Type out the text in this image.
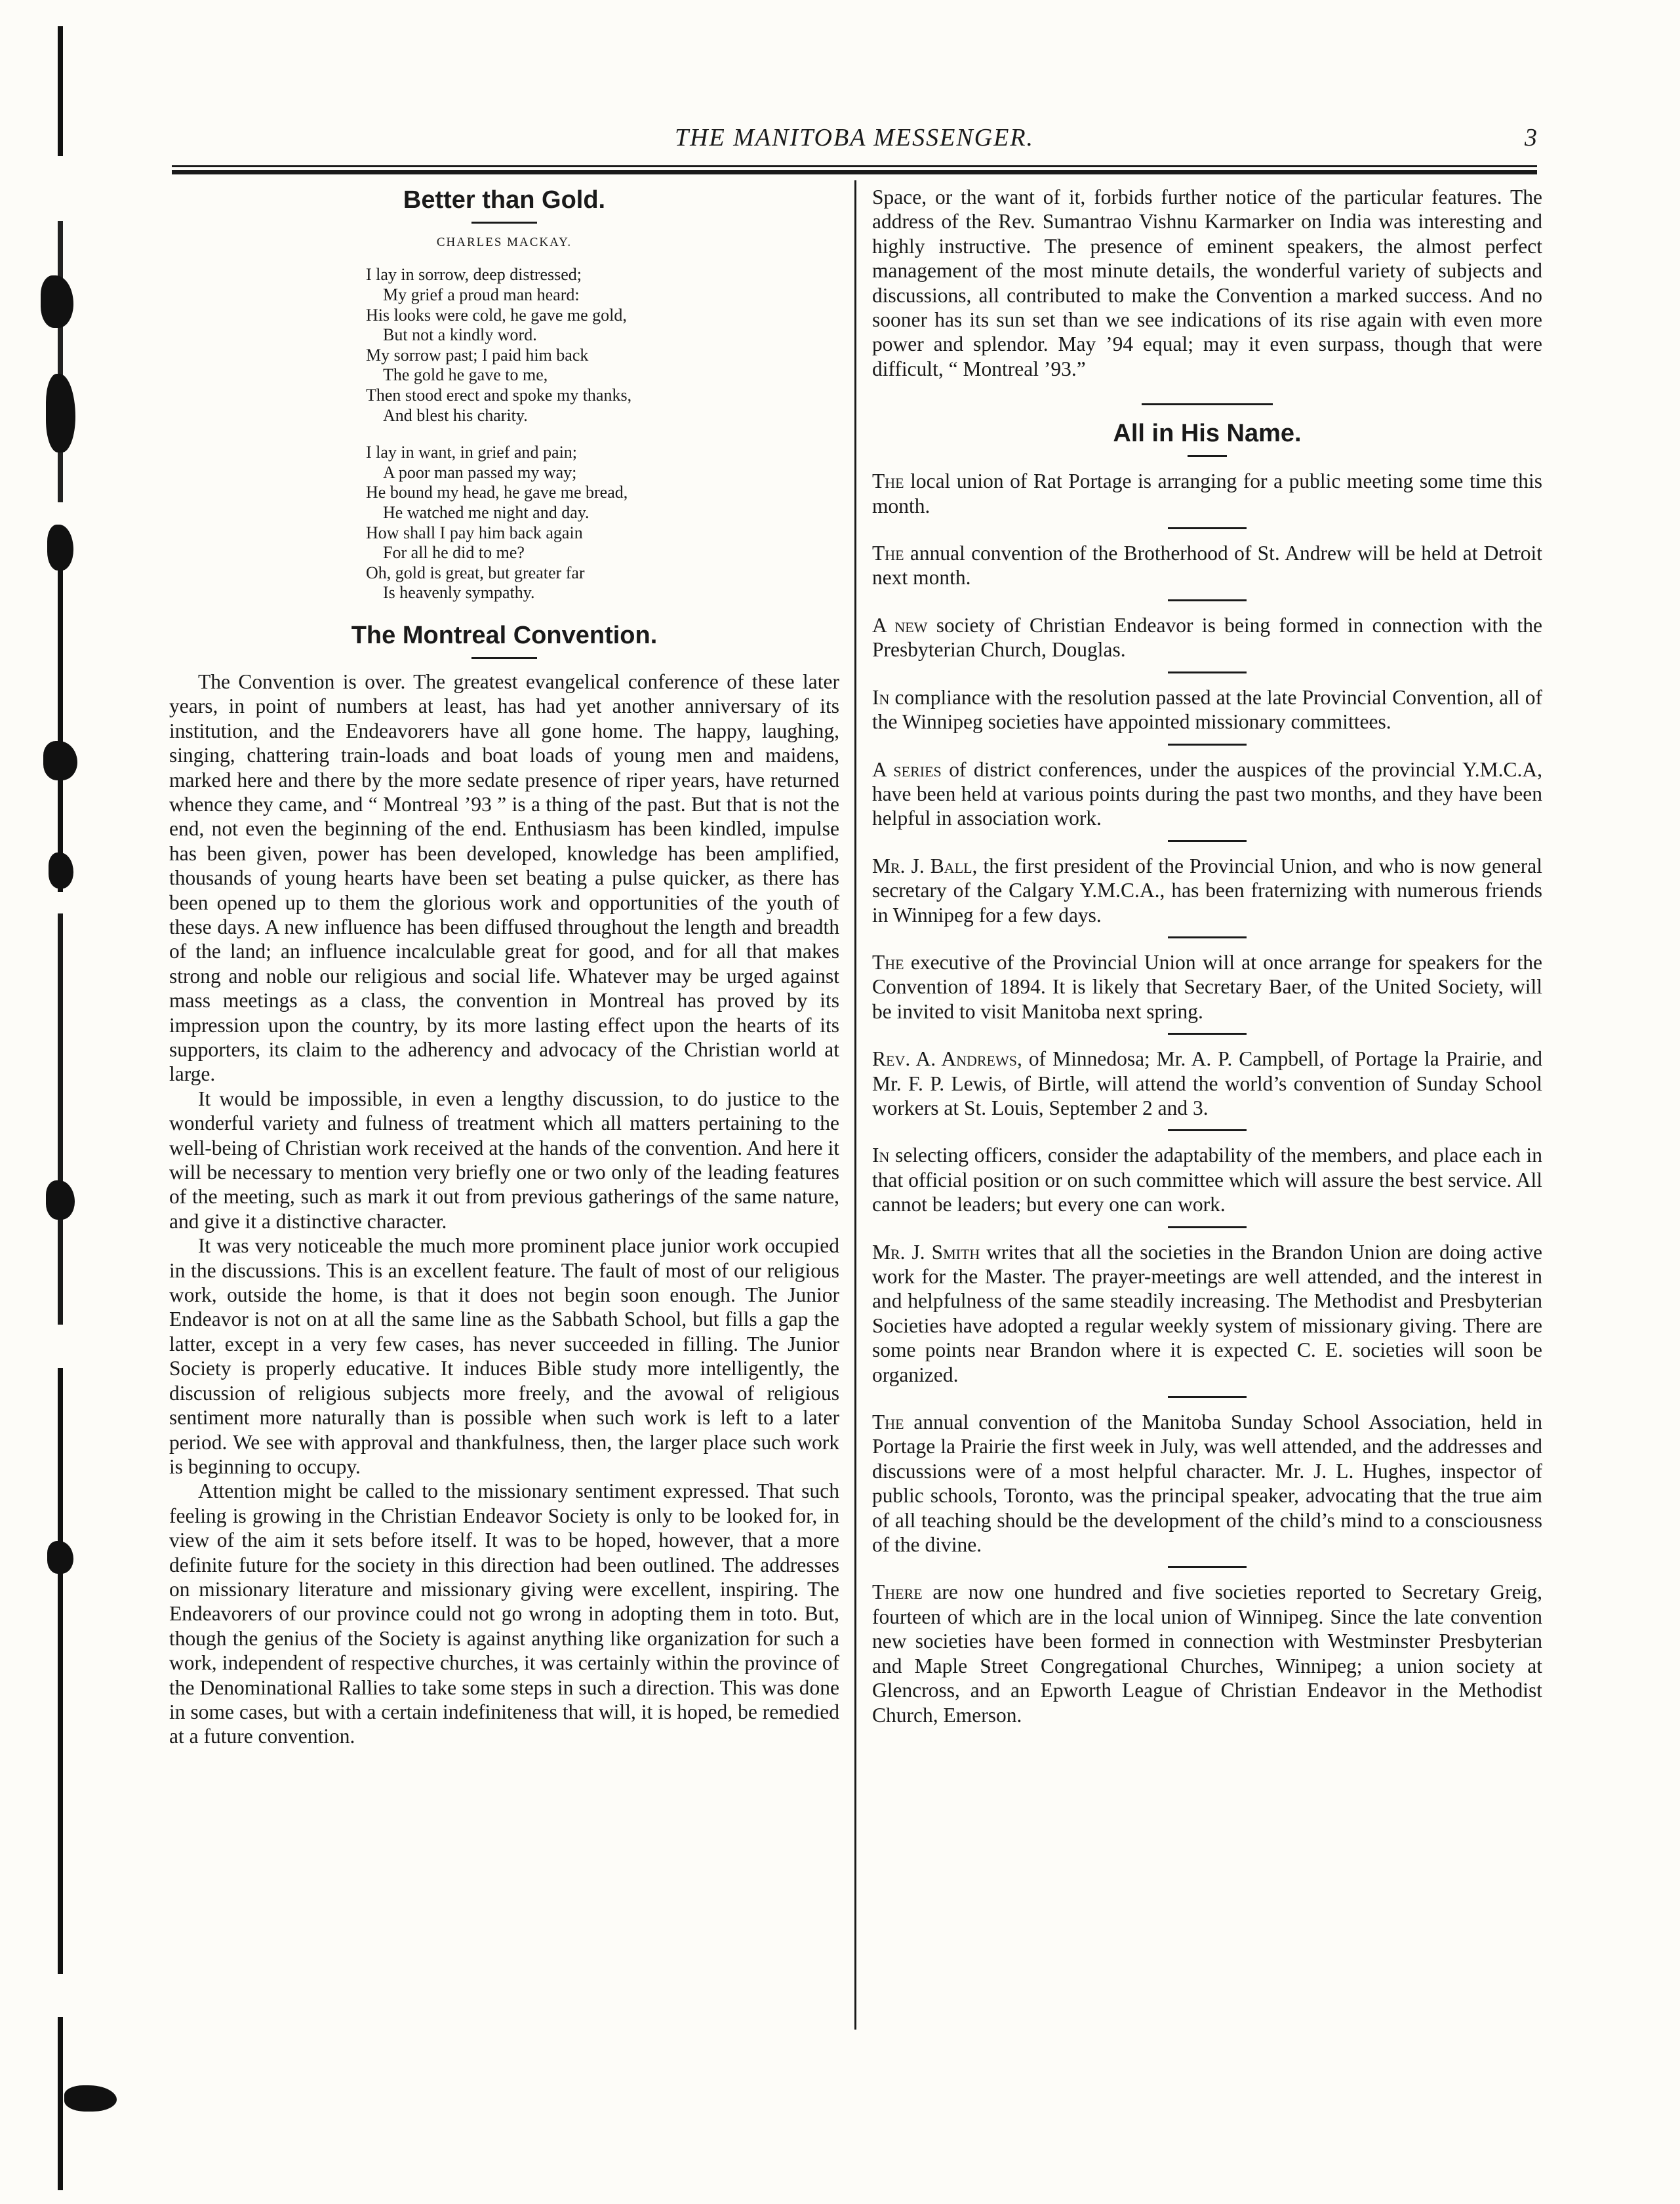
THE MANITOBA MESSENGER.	3
Better than Gold.
CHARLES MACKAY.
I lay in sorrow, deep distressed;
My grief a proud man heard:
His looks were cold, he gave me gold,
But not a kindly word.
My sorrow past; I paid him back
The gold he gave to me,
Then stood erect and spoke my thanks,
And blest his charity.
I lay in want, in grief and pain;
A poor man passed my way;
He bound my head, he gave me bread,
He watched me night and day.
How shall I pay him back again
For all he did to me?
Oh, gold is great, but greater far
Is heavenly sympathy.
The Montreal Convention.

The Convention is over. The greatest evangelical conference of these later years, in point of numbers at least, has had yet another anniversary of its institution, and the Endeavorers have all gone home. The happy, laughing, singing, chattering train-loads and boat loads of young men and maidens, marked here and there by the more sedate presence of riper years, have returned whence they came, and “ Montreal ’93 ” is a thing of the past. But that is not the end, not even the beginning of the end. Enthusiasm has been kindled, impulse has been given, power has been developed, knowledge has been amplified, thousands of young hearts have been set beating a pulse quicker, as there has been opened up to them the glorious work and opportunities of the youth of these days. A new influence has been diffused throughout the length and breadth of the land; an influence incalculable great for good, and for all that makes strong and noble our religious and social life. Whatever may be urged against mass meetings as a class, the convention in Montreal has proved by its impression upon the country, by its more lasting effect upon the hearts of its supporters, its claim to the adherency and advocacy of the Christian world at large.

It would be impossible, in even a lengthy discussion, to do justice to the wonderful variety and fulness of treatment which all matters pertaining to the well-being of Christian work received at the hands of the convention. And here it will be necessary to mention very briefly one or two only of the leading features of the meeting, such as mark it out from previous gatherings of the same nature, and give it a distinctive character.

It was very noticeable the much more prominent place junior work occupied in the discussions. This is an excellent feature. The fault of most of our religious work, outside the home, is that it does not begin soon enough. The Junior Endeavor is not on at all the same line as the Sabbath School, but fills a gap the latter, except in a very few cases, has never succeeded in filling. The Junior Society is properly educative. It induces Bible study more intelligently, the discussion of religious subjects more freely, and the avowal of religious sentiment more naturally than is possible when such work is left to a later period. We see with approval and thankfulness, then, the larger place such work is beginning to occupy.

Attention might be called to the missionary sentiment expressed. That such feeling is growing in the Christian Endeavor Society is only to be looked for, in view of the aim it sets before itself. It was to be hoped, however, that a more definite future for the society in this direction had been outlined. The addresses on missionary literature and missionary giving were excellent, inspiring. The Endeavorers of our province could not go wrong in adopting them in toto. But, though the genius of the Society is against anything like organization for such a work, independent of respective churches, it was certainly within the province of the Denominational Rallies to take some steps in such a direction. This was done in some cases, but with a certain indefiniteness that will, it is hoped, be remedied at a future convention.

Space, or the want of it, forbids further notice of the particular features. The address of the Rev. Sumantrao Vishnu Karmarker on India was interesting and highly instructive. The presence of eminent speakers, the almost perfect management of the most minute details, the wonderful variety of subjects and discussions, all contributed to make the Convention a marked success. And no sooner has its sun set than we see indications of its rise again with even more power and splendor. May ’94 equal; may it even surpass, though that were difficult, “ Montreal ’93.”

All in His Name.

The local union of Rat Portage is arranging for a public meeting some time this month.

The annual convention of the Brotherhood of St. Andrew will be held at Detroit next month.

A new society of Christian Endeavor is being formed in connection with the Presbyterian Church, Douglas.

In compliance with the resolution passed at the late Provincial Convention, all of the Winnipeg societies have appointed missionary committees.

A series of district conferences, under the auspices of the provincial Y.M.C.A, have been held at various points during the past two months, and they have been helpful in association work.

Mr. J. Ball, the first president of the Provincial Union, and who is now general secretary of the Calgary Y.M.C.A., has been fraternizing with numerous friends in Winnipeg for a few days.

The executive of the Provincial Union will at once arrange for speakers for the Convention of 1894. It is likely that Secretary Baer, of the United Society, will be invited to visit Manitoba next spring.

Rev. A. Andrews, of Minnedosa; Mr. A. P. Campbell, of Portage la Prairie, and Mr. F. P. Lewis, of Birtle, will attend the world’s convention of Sunday School workers at St. Louis, September 2 and 3.

In selecting officers, consider the adaptability of the members, and place each in that official position or on such committee which will assure the best service. All cannot be leaders; but every one can work.

Mr. J. Smith writes that all the societies in the Brandon Union are doing active work for the Master. The prayer-meetings are well attended, and the interest in and helpfulness of the same steadily increasing. The Methodist and Presbyterian Societies have adopted a regular weekly system of missionary giving. There are some points near Brandon where it is expected C. E. societies will soon be organized.

The annual convention of the Manitoba Sunday School Association, held in Portage la Prairie the first week in July, was well attended, and the addresses and discussions were of a most helpful character. Mr. J. L. Hughes, inspector of public schools, Toronto, was the principal speaker, advocating that the true aim of all teaching should be the development of the child’s mind to a consciousness of the divine.

There are now one hundred and five societies reported to Secretary Greig, fourteen of which are in the local union of Winnipeg. Since the late convention new societies have been formed in connection with Westminster Presbyterian and Maple Street Congregational Churches, Winnipeg; a union society at Glencross, and an Epworth League of Christian Endeavor in the Methodist Church, Emerson.
